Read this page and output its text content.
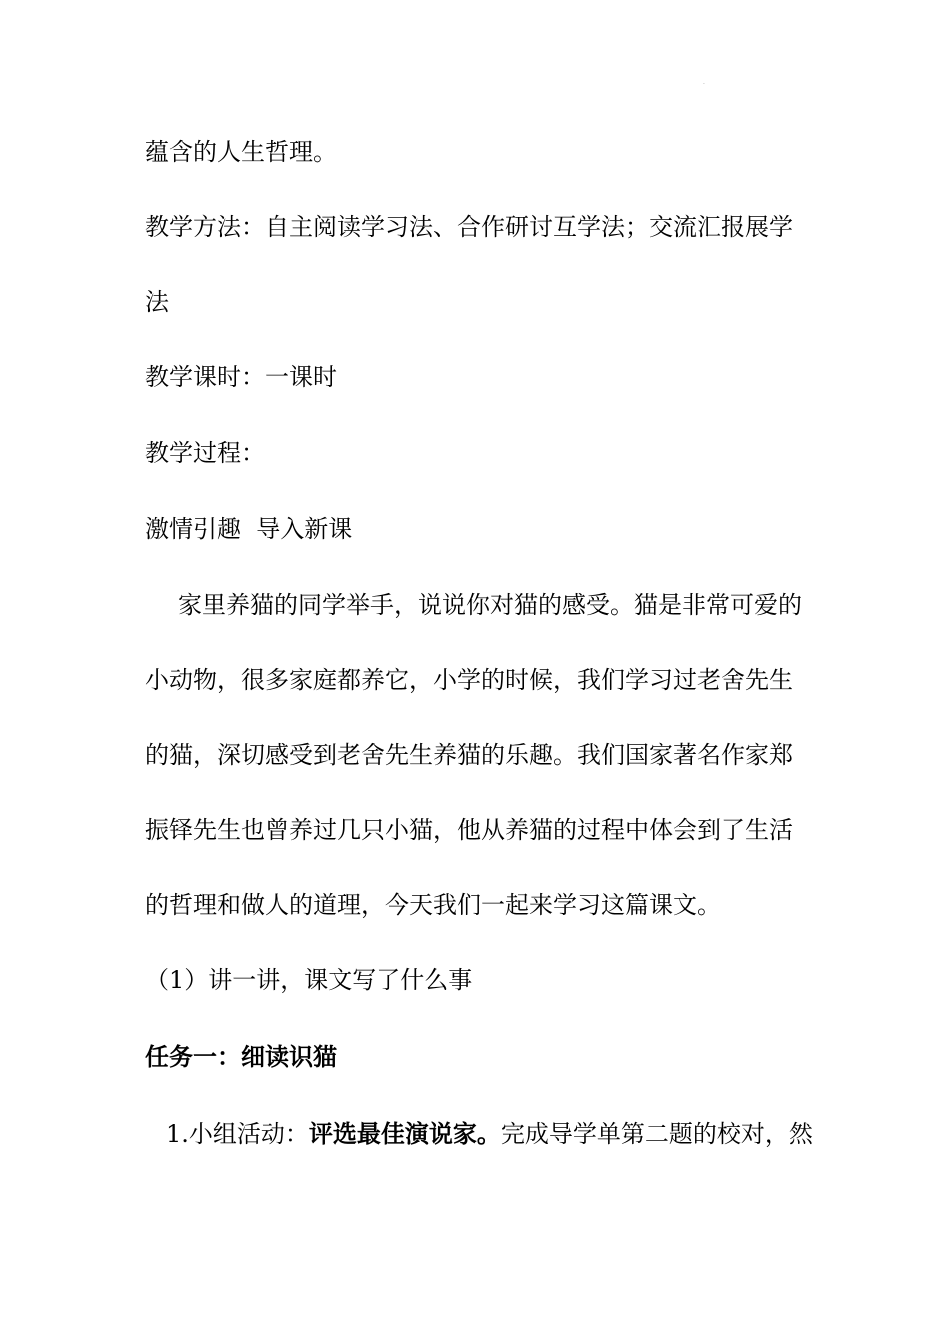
.
蕴含的人生哲理。
教学方法：自主阅读学习法、合作研讨互学法；交流汇报展学
法
教学课时：一课时
教学过程：
激情引趣  导入新课
家里养猫的同学举手，说说你对猫的感受。猫是非常可爱的
小动物，很多家庭都养它，小学的时候，我们学习过老舍先生
的猫，深切感受到老舍先生养猫的乐趣。我们国家著名作家郑
振铎先生也曾养过几只小猫，他从养猫的过程中体会到了生活
的哲理和做人的道理，今天我们一起来学习这篇课文。
（1）讲一讲，课文写了什么事
任务一：细读识猫
1.小组活动：评选最佳演说家。完成导学单第二题的校对，然
